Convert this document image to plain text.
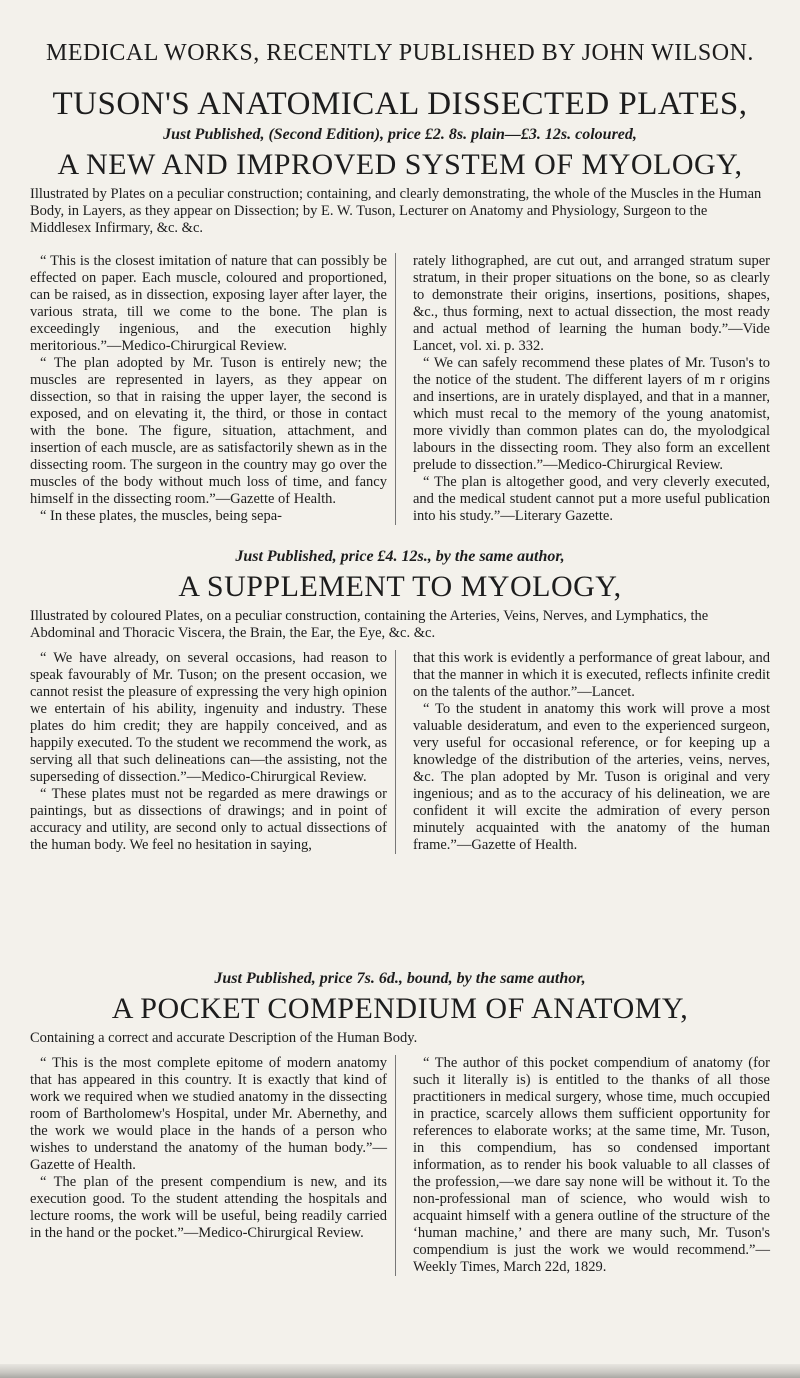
MEDICAL WORKS, RECENTLY PUBLISHED BY JOHN WILSON.
TUSON'S ANATOMICAL DISSECTED PLATES,
Just Published, (Second Edition), price £2. 8s. plain—£3. 12s. coloured,
A NEW AND IMPROVED SYSTEM OF MYOLOGY,
Illustrated by Plates on a peculiar construction; containing, and clearly demonstrating, the whole of the Muscles in the Human Body, in Layers, as they appear on Dissection; by E. W. Tuson, Lecturer on Anatomy and Physiology, Surgeon to the Middlesex Infirmary, &c. &c.

“ This is the closest imitation of nature that can possibly be effected on paper. Each muscle, coloured and proportioned, can be raised, as in dissection, exposing layer after layer, the various strata, till we come to the bone. The plan is exceedingly ingenious, and the execution highly meritorious.”—Medico-Chirurgical Review.

“ The plan adopted by Mr. Tuson is entirely new; the muscles are represented in layers, as they appear on dissection, so that in raising the upper layer, the second is exposed, and on elevating it, the third, or those in contact with the bone. The figure, situation, attachment, and insertion of each muscle, are as satisfactorily shewn as in the dissecting room. The surgeon in the country may go over the muscles of the body without much loss of time, and fancy himself in the dissecting room.”—Gazette of Health.

“ In these plates, the muscles, being sepa-

rately lithographed, are cut out, and arranged stratum super stratum, in their proper situations on the bone, so as clearly to demonstrate their origins, insertions, positions, shapes, &c., thus forming, next to actual dissection, the most ready and actual method of learning the human body.”—Vide Lancet, vol. xi. p. 332.

“ We can safely recommend these plates of Mr. Tuson's to the notice of the student. The different layers of m r origins and insertions, are in urately displayed, and that in a manner, which must recal to the memory of the young anatomist, more vividly than common plates can do, the myolodgical labours in the dissecting room. They also form an excellent prelude to dissection.”—Medico-Chirurgical Review.

“ The plan is altogether good, and very cleverly executed, and the medical student cannot put a more useful publication into his study.”—Literary Gazette.

Just Published, price £4. 12s., by the same author,
A SUPPLEMENT TO MYOLOGY,
Illustrated by coloured Plates, on a peculiar construction, containing the Arteries, Veins, Nerves, and Lymphatics, the Abdominal and Thoracic Viscera, the Brain, the Ear, the Eye, &c. &c.

“ We have already, on several occasions, had reason to speak favourably of Mr. Tuson; on the present occasion, we cannot resist the pleasure of expressing the very high opinion we entertain of his ability, ingenuity and industry. These plates do him credit; they are happily conceived, and as happily executed. To the student we recommend the work, as serving all that such delineations can—the assisting, not the superseding of dissection.”—Medico-Chirurgical Review.

“ These plates must not be regarded as mere drawings or paintings, but as dissections of drawings; and in point of accuracy and utility, are second only to actual dissections of the human body. We feel no hesitation in saying,

that this work is evidently a performance of great labour, and that the manner in which it is executed, reflects infinite credit on the talents of the author.”—Lancet.

“ To the student in anatomy this work will prove a most valuable desideratum, and even to the experienced surgeon, very useful for occasional reference, or for keeping up a knowledge of the distribution of the arteries, veins, nerves, &c. The plan adopted by Mr. Tuson is original and very ingenious; and as to the accuracy of his delineation, we are confident it will excite the admiration of every person minutely acquainted with the anatomy of the human frame.”—Gazette of Health.

Just Published, price 7s. 6d., bound, by the same author,
A POCKET COMPENDIUM OF ANATOMY,
Containing a correct and accurate Description of the Human Body.

“ This is the most complete epitome of modern anatomy that has appeared in this country. It is exactly that kind of work we required when we studied anatomy in the dissecting room of Bartholomew's Hospital, under Mr. Abernethy, and the work we would place in the hands of a person who wishes to understand the anatomy of the human body.”—Gazette of Health.

“ The plan of the present compendium is new, and its execution good. To the student attending the hospitals and lecture rooms, the work will be useful, being readily carried in the hand or the pocket.”—Medico-Chirurgical Review.

“ The author of this pocket compendium of anatomy (for such it literally is) is entitled to the thanks of all those practitioners in medical surgery, whose time, much occupied in practice, scarcely allows them sufficient opportunity for references to elaborate works; at the same time, Mr. Tuson, in this compendium, has so condensed important information, as to render his book valuable to all classes of the profession,—we dare say none will be without it. To the non-professional man of science, who would wish to acquaint himself with a genera outline of the structure of the ‘human machine,’ and there are many such, Mr. Tuson's compendium is just the work we would recommend.”—Weekly Times, March 22d, 1829.
